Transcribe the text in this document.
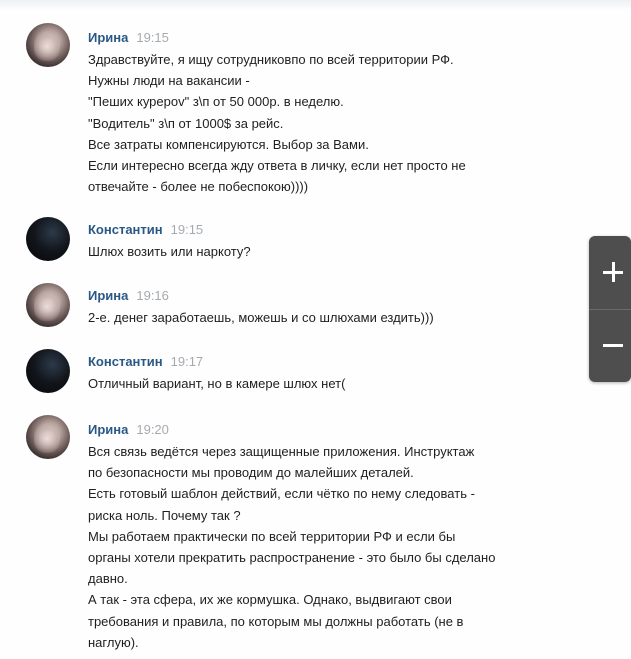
Ирина 19:15
Здравствуйте, я ищу сотрудниковпо по всей территории РФ.
Нужны люди на вакансии -
"Пеших курероv" з\п от 50 000р. в неделю.
"Водитель" з\п от 1000$ за рейс.
Все затраты компенсируются. Выбор за Вами.
Если интересно всегда жду ответа в личку, если нет просто не
отвечайте - более не побеспокою))))
Константин 19:15
Шлюх возить или наркоту?
Ирина 19:16
2-е. денег заработаешь, можешь и со шлюхами ездить)))
Константин 19:17
Отличный вариант, но в камере шлюх нет(
Ирина 19:20
Вся связь ведётся через защищенные приложения. Инструктаж
по безопасности мы проводим до малейших деталей.
Есть готовый шаблон действий, если чётко по нему следовать -
риска ноль. Почему так ?
Мы работаем практически по всей территории РФ и если бы
органы хотели прекратить распространение - это было бы сделано
давно.
А так - эта сфера, их же кормушка. Однако, выдвигают свои
требования и правила, по которым мы должны работать (не в
наглую).
